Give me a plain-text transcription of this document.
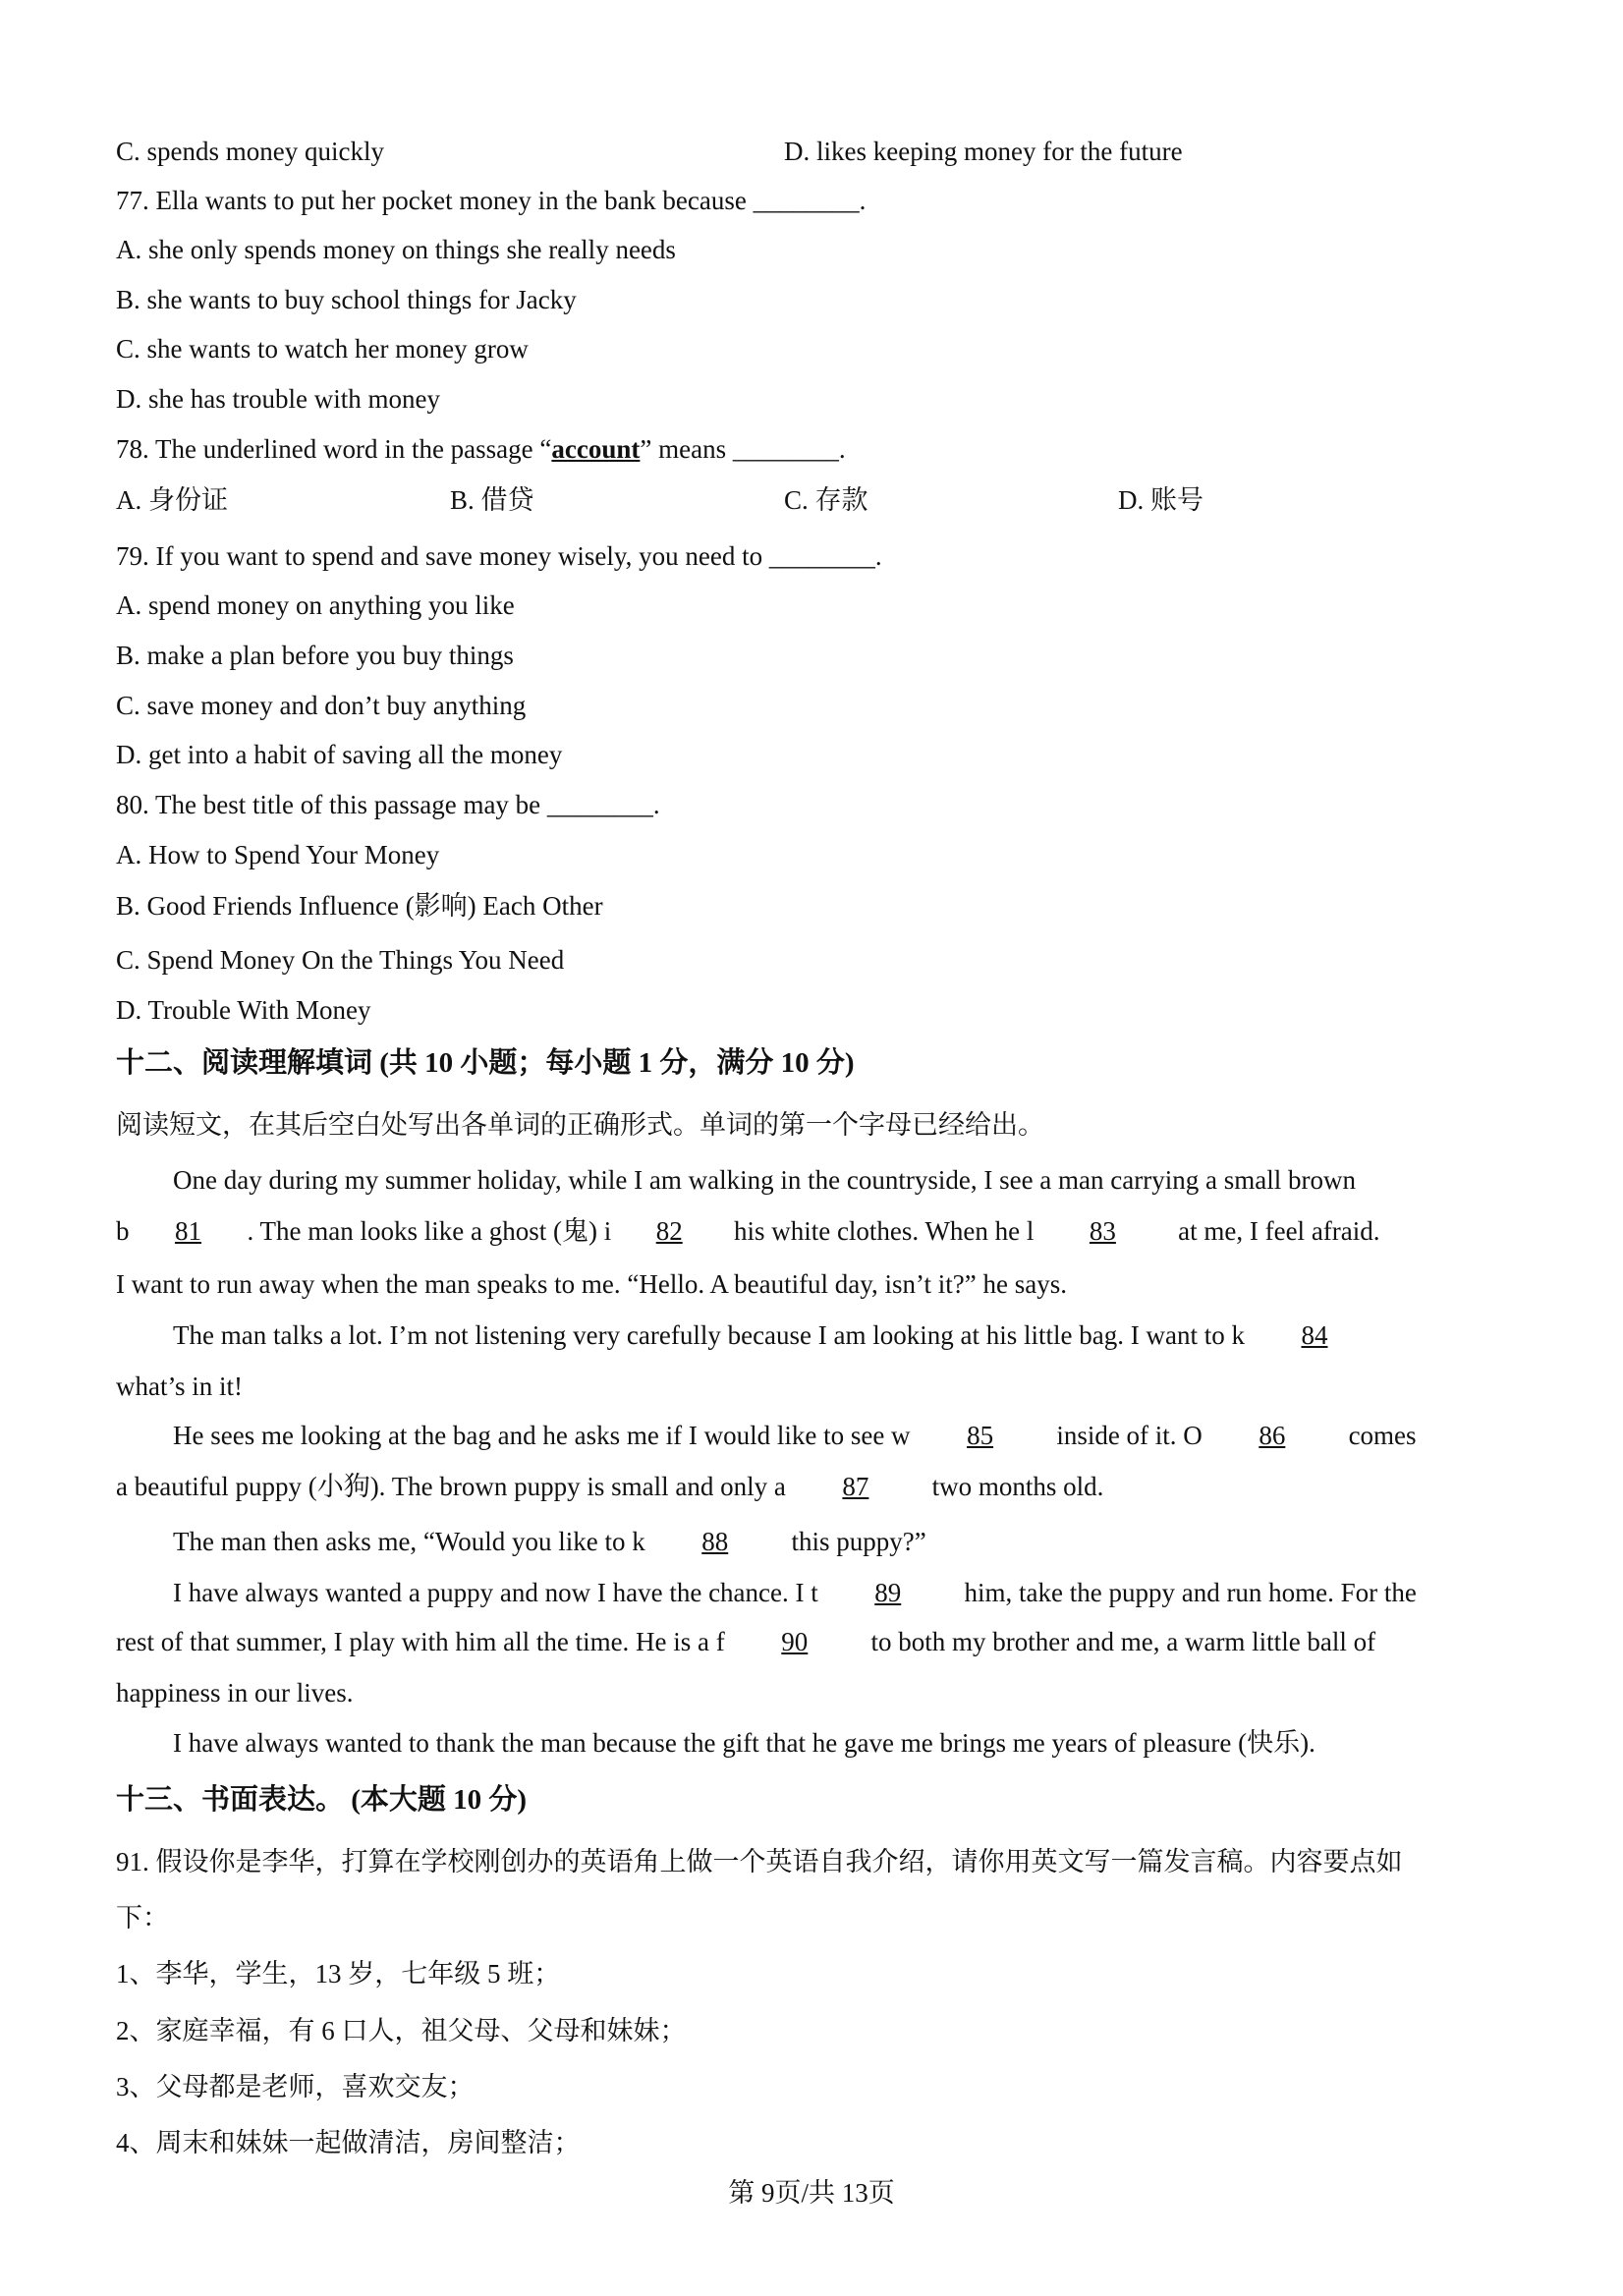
C. spends money quickly	D. likes keeping money for the future
77. Ella wants to put her pocket money in the bank because ________.
A. she only spends money on things she really needs
B. she wants to buy school things for Jacky
C. she wants to watch her money grow
D. she has trouble with money
78. The underlined word in the passage “account” means ________.
A. 身份证	B. 借贷	C. 存款	D. 账号
79. If you want to spend and save money wisely, you need to ________.
A. spend money on anything you like
B. make a plan before you buy things
C. save money and don’t buy anything
D. get into a habit of saving all the money
80. The best title of this passage may be ________.
A. How to Spend Your Money
B. Good Friends Influence (影响) Each Other
C. Spend Money On the Things You Need
D. Trouble With Money
十二、阅读理解填词 (共 10 小题；每小题 1 分，满分 10 分)
阅读短文，在其后空白处写出各单词的正确形式。单词的第一个字母已经给出。
One day during my summer holiday, while I am walking in the countryside, I see a man carrying a small brown
b 81 . The man looks like a ghost (鬼) i 82 his white clothes. When he l 83 at me, I feel afraid.
I want to run away when the man speaks to me. “Hello. A beautiful day, isn’t it?” he says.
The man talks a lot. I’m not listening very carefully because I am looking at his little bag. I want to k 84
what’s in it!
He sees me looking at the bag and he asks me if I would like to see w 85 inside of it. O 86 comes
a beautiful puppy (小狗). The brown puppy is small and only a 87 two months old.
The man then asks me, “Would you like to k 88 this puppy?”
I have always wanted a puppy and now I have the chance. I t 89 him, take the puppy and run home. For the
rest of that summer, I play with him all the time. He is a f 90 to both my brother and me, a warm little ball of
happiness in our lives.
I have always wanted to thank the man because the gift that he gave me brings me years of pleasure (快乐).
十三、书面表达。 (本大题 10 分)
91. 假设你是李华，打算在学校刚创办的英语角上做一个英语自我介绍，请你用英文写一篇发言稿。内容要点如
下：
1、李华，学生，13 岁，七年级 5 班；
2、家庭幸福，有 6 口人，祖父母、父母和妹妹；
3、父母都是老师，喜欢交友；
4、周末和妹妹一起做清洁，房间整洁；
第 9页/共 13页
